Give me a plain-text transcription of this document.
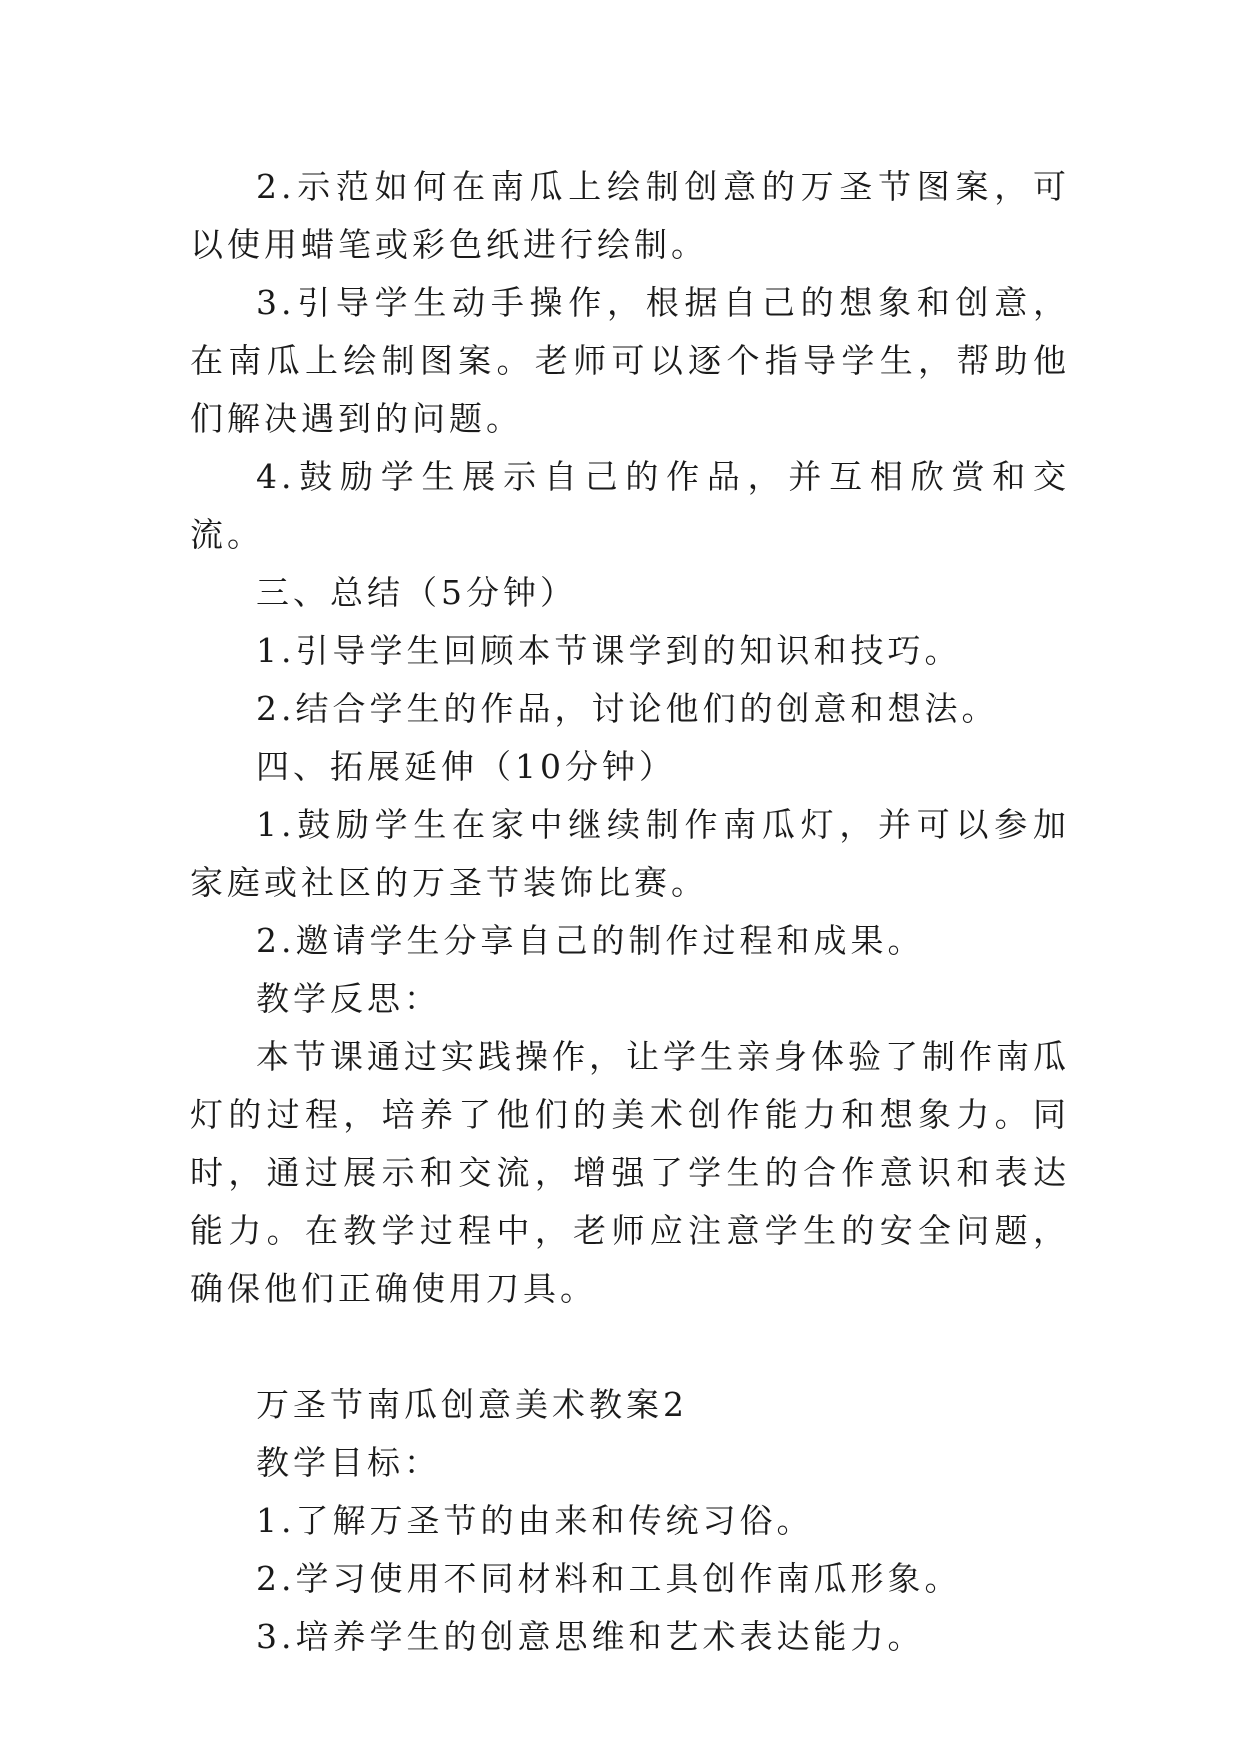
2.示范如何在南瓜上绘制创意的万圣节图案，可以使用蜡笔或彩色纸进行绘制。

3.引导学生动手操作，根据自己的想象和创意，在南瓜上绘制图案。老师可以逐个指导学生，帮助他们解决遇到的问题。

4.鼓励学生展示自己的作品，并互相欣赏和交流。

三、总结（5分钟）

1.引导学生回顾本节课学到的知识和技巧。

2.结合学生的作品，讨论他们的创意和想法。

四、拓展延伸（10分钟）

1.鼓励学生在家中继续制作南瓜灯，并可以参加家庭或社区的万圣节装饰比赛。

2.邀请学生分享自己的制作过程和成果。

教学反思：

本节课通过实践操作，让学生亲身体验了制作南瓜灯的过程，培养了他们的美术创作能力和想象力。同时，通过展示和交流，增强了学生的合作意识和表达能力。在教学过程中，老师应注意学生的安全问题，确保他们正确使用刀具。

万圣节南瓜创意美术教案2

教学目标：

1.了解万圣节的由来和传统习俗。

2.学习使用不同材料和工具创作南瓜形象。

3.培养学生的创意思维和艺术表达能力。
